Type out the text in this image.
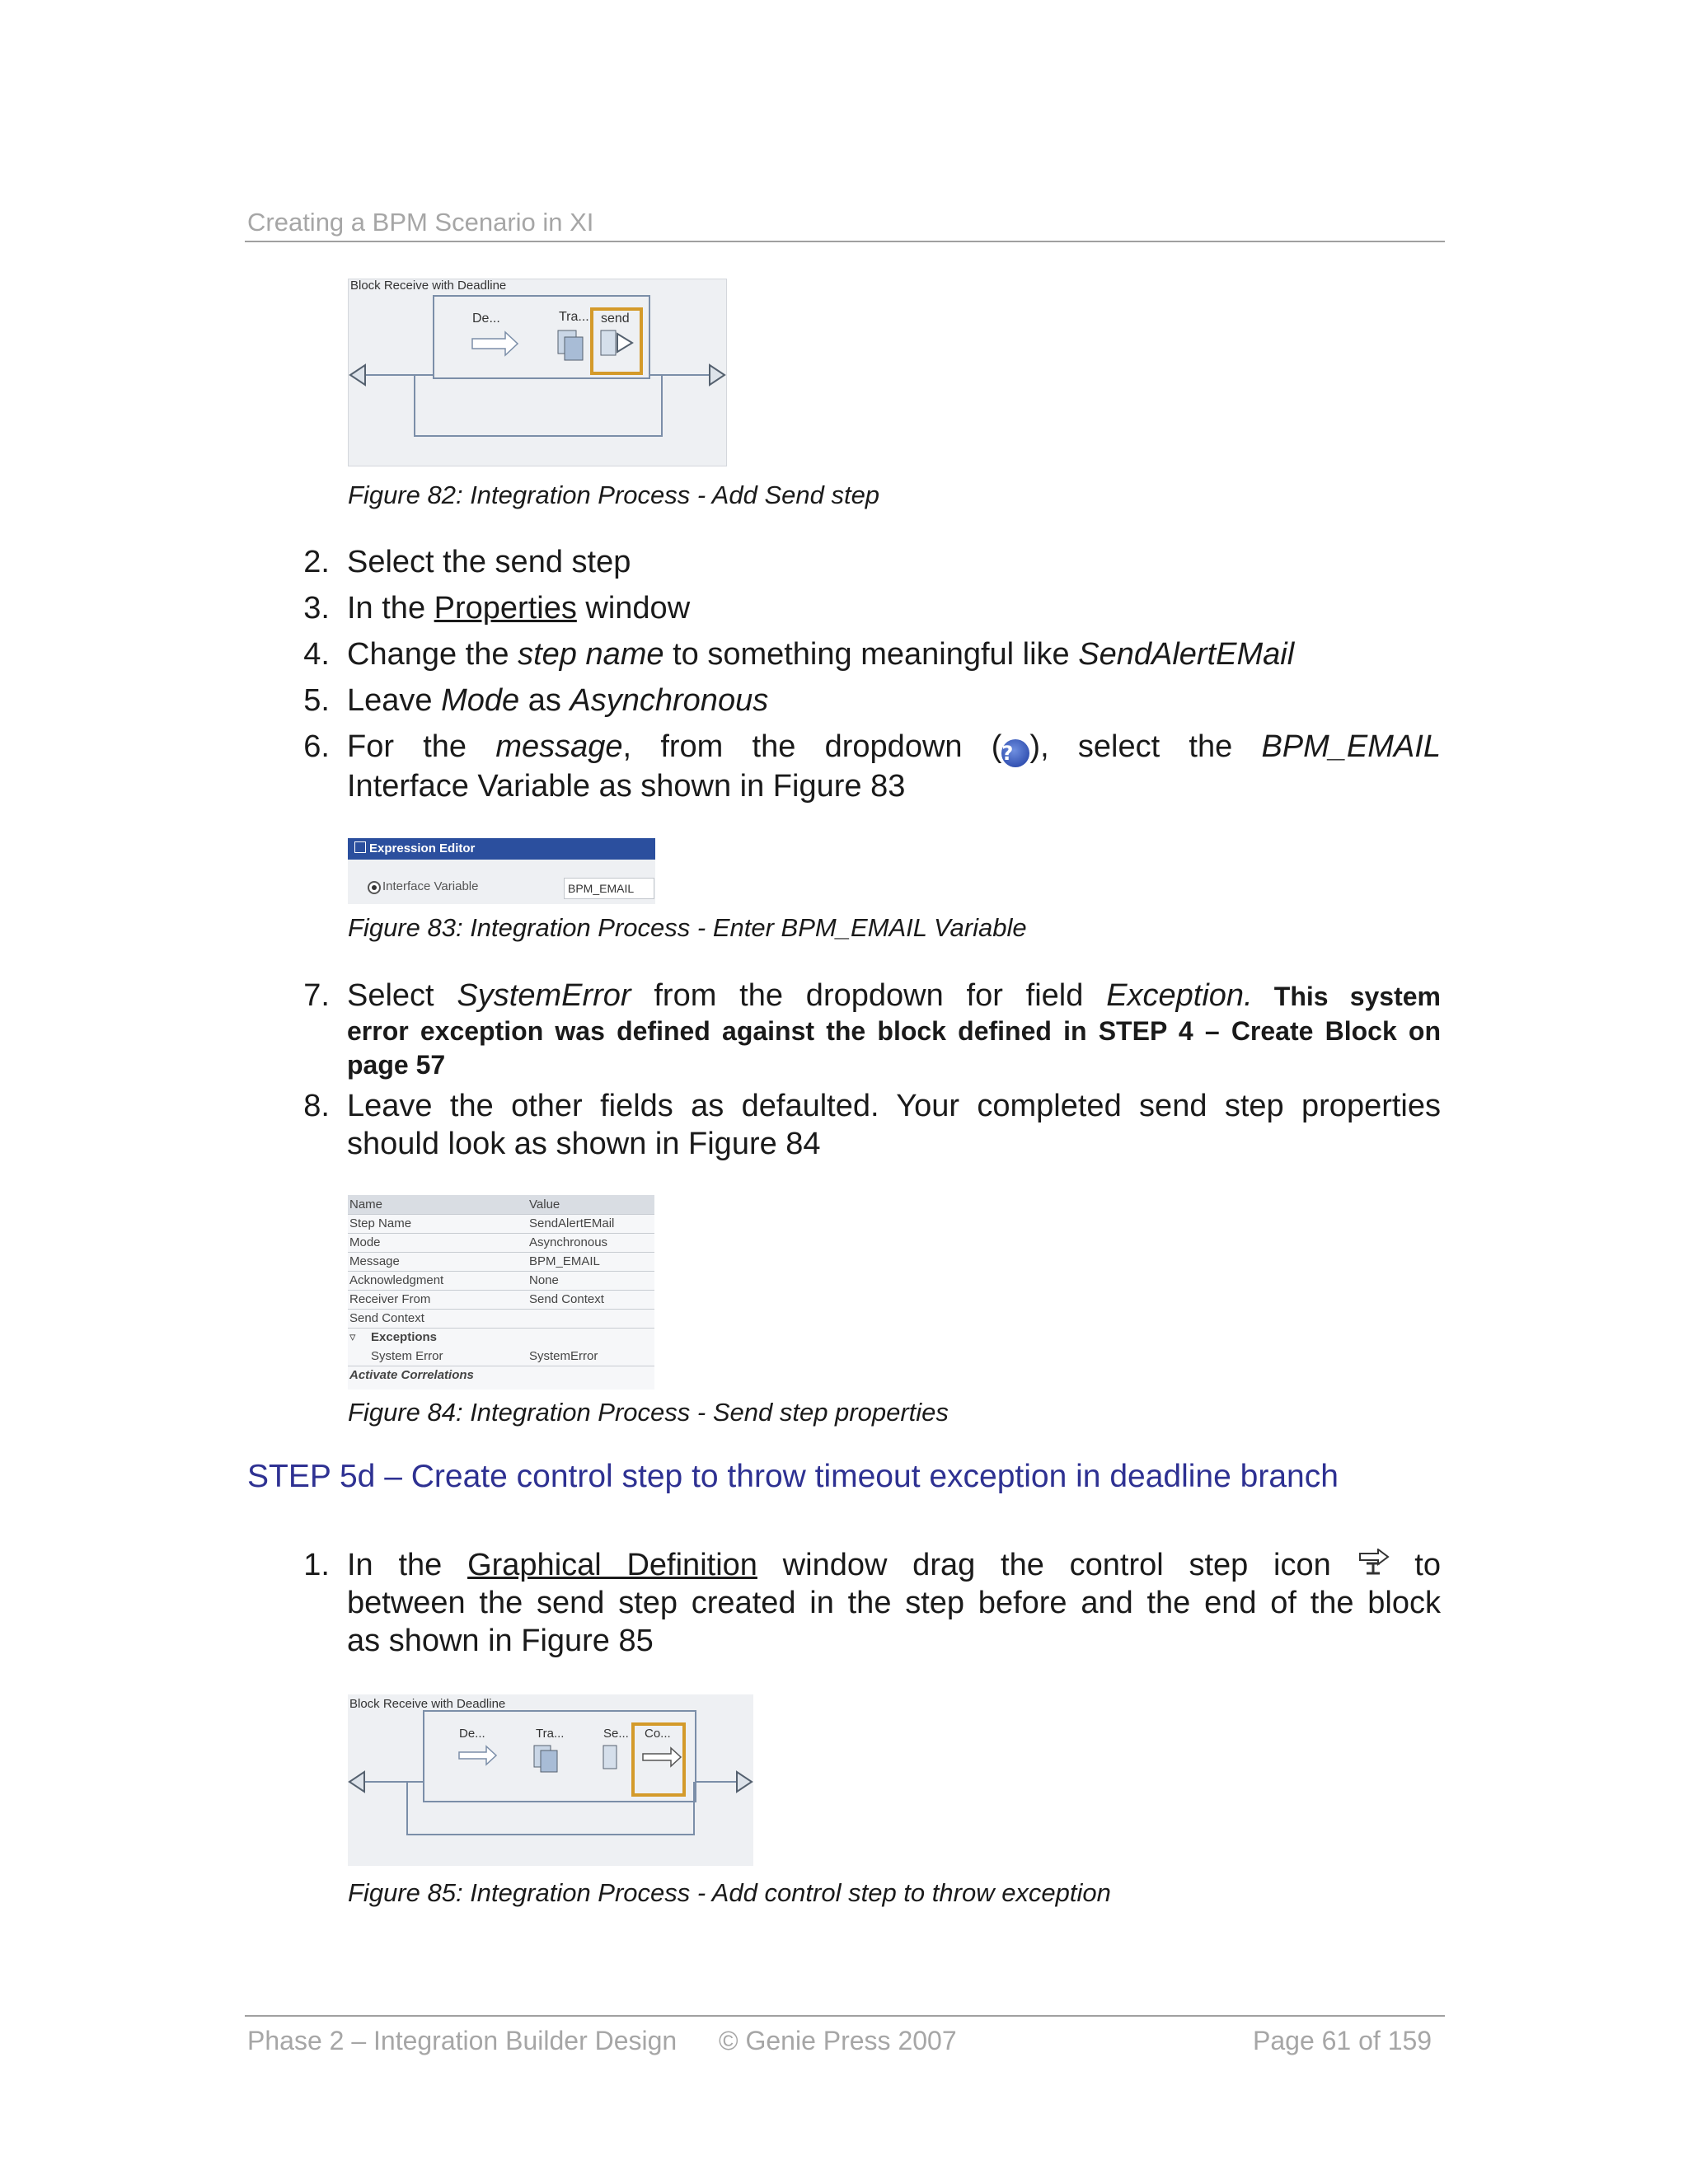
Creating a BPM Scenario in XI
Block Receive with Deadline
De...	Tra... send
Figure 82: Integration Process - Add Send step
2. Select the send step
3. In the Properties window
4. Change the step name to something meaningful like SendAlertEMail
5. Leave Mode as Asynchronous
6. For the message, from the dropdown (? ), select the BPM_EMAIL
Interface Variable as shown in Figure 83
Expression Editor
Interface Variable	BPM_EMAIL
Figure 83: Integration Process - Enter BPM_EMAIL Variable
7. Select SystemError from the dropdown for field Exception. This system
error exception was defined against the block defined in STEP 4 – Create Block on
page 57
8. Leave the other fields as defaulted. Your completed send step properties
should look as shown in Figure 84
Name	Value
Step Name	SendAlertEMail
Mode	Asynchronous
Message	BPM_EMAIL
Acknowledgment	None
Receiver From	Send Context
Send Context
▿ Exceptions
System Error	SystemError
Activate Correlations
Figure 84: Integration Process - Send step properties
STEP 5d – Create control step to throw timeout exception in deadline branch
1. In the Graphical Definition window drag the control step icon  to
between the send step created in the step before and the end of the block
as shown in Figure 85
Block Receive with Deadline
De...	Tra...	Se... Co...
Figure 85: Integration Process - Add control step to throw exception
Phase 2 – Integration Builder Design © Genie Press 2007	Page 61 of 159
